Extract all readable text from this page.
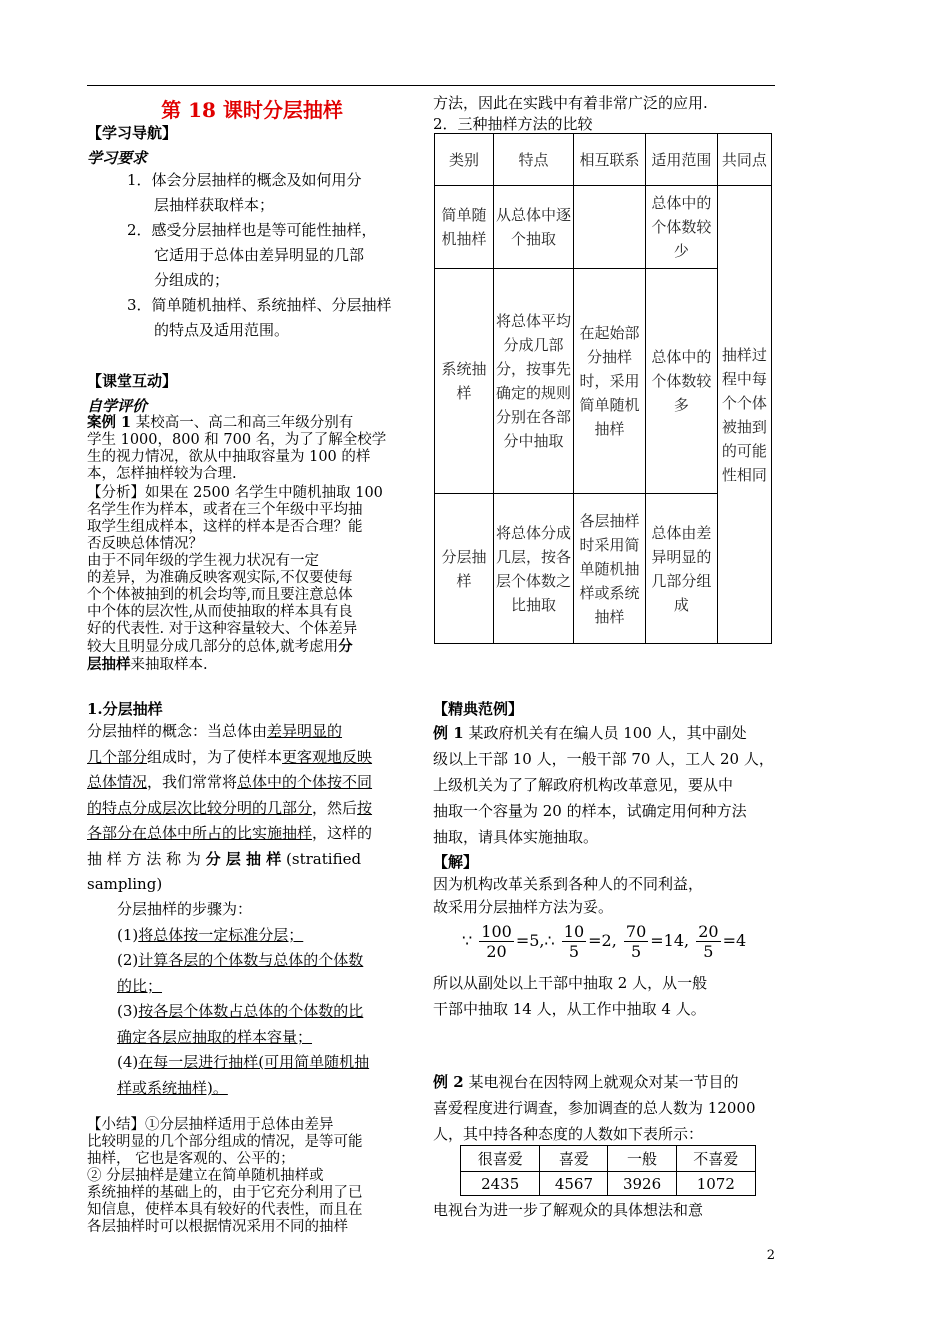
第 18 课时分层抽样
【学习导航】
学习要求
1．体会分层抽样的概念及如何用分
层抽样获取样本；
2．感受分层抽样也是等可能性抽样，
它适用于总体由差异明显的几部
分组成的；
3．简单随机抽样、系统抽样、分层抽样
的特点及适用范围。
【课堂互动】
自学评价
案例 1 某校高一、高二和高三年级分别有
学生 1000，800 和 700 名，为了了解全校学
生的视力情况，欲从中抽取容量为 100 的样
本，怎样抽样较为合理.
【分析】如果在 2500 名学生中随机抽取 100
名学生作为样本，或者在三个年级中平均抽
取学生组成样本，这样的样本是否合理？能
否反映总体情况？
由于不同年级的学生视力状况有一定
的差异，为准确反映客观实际,不仅要使每
个个体被抽到的机会均等,而且要注意总体
中个体的层次性,从而使抽取的样本具有良
好的代表性. 对于这种容量较大、个体差异
较大且明显分成几部分的总体,就考虑用分
层抽样来抽取样本.
1.分层抽样
分层抽样的概念：当总体由差异明显的
几个部分组成时，为了使样本更客观地反映
总体情况，我们常常将总体中的个体按不同
的特点分成层次比较分明的几部分，然后按
各部分在总体中所占的比实施抽样，这样的
抽 样 方 法 称 为 分 层 抽 样 (stratified
sampling)
分层抽样的步骤为：
(1)将总体按一定标准分层；
(2)计算各层的个体数与总体的个体数
的比；
(3)按各层个体数占总体的个体数的比
确定各层应抽取的样本容量；
(4)在每一层进行抽样(可用简单随机抽
样或系统抽样)。
【小结】①分层抽样适用于总体由差异
比较明显的几个部分组成的情况，是等可能
抽样， 它也是客观的、公平的；
② 分层抽样是建立在简单随机抽样或
系统抽样的基础上的，由于它充分利用了已
知信息，使样本具有较好的代表性，而且在
各层抽样时可以根据情况采用不同的抽样
方法，因此在实践中有着非常广泛的应用.
2．三种抽样方法的比较
类别	特点	相互联系	适用范围	共同点
简单随机抽样	从总体中逐个抽取		总体中的个体数较少	抽样过程中每个个体被抽到的可能性相同
系统抽样	将总体平均分成几部分，按事先确定的规则分别在各部分中抽取	在起始部分抽样时，采用简单随机抽样	总体中的个体数较多	
分层抽样	将总体分成几层，按各层个体数之比抽取	各层抽样时采用简单随机抽样或系统抽样	总体由差异明显的几部分组成	
【精典范例】
例 1 某政府机关有在编人员 100 人，其中副处
级以上干部 10 人，一般干部 70 人，工人 20 人，
上级机关为了了解政府机构改革意见，要从中
抽取一个容量为 20 的样本，试确定用何种方法
抽取，请具体实施抽取。
【解】
因为机构改革关系到各种人的不同利益，
故采用分层抽样方法为妥。
∵ $\frac{100}{20}$ =5,∴ $\frac{10}{5} =2$, $\frac{70}{5} =14$, $\frac{20}{5} =4$
所以从副处以上干部中抽取 2 人，从一般
干部中抽取 14 人，从工作中抽取 4 人。
例 2 某电视台在因特网上就观众对某一节目的
喜爱程度进行调查，参加调查的总人数为 12000
人，其中持各种态度的人数如下表所示：
很喜爱	喜爱	一般	不喜爱
2435	4567	3926	1072
电视台为进一步了解观众的具体想法和意
2
